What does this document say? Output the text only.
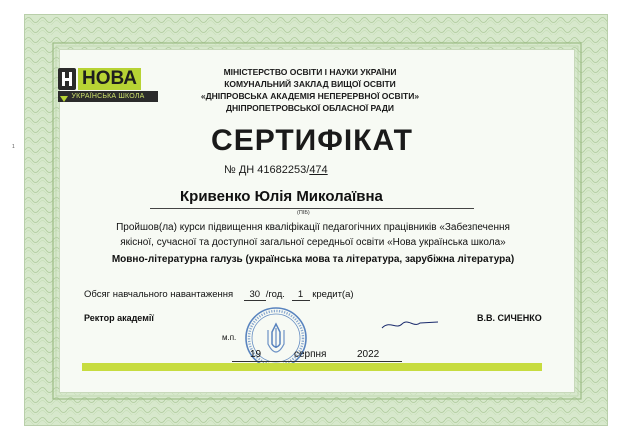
1
НОВА
УКРАЇНСЬКА ШКОЛА
МІНІСТЕРСТВО ОСВІТИ І НАУКИ УКРАЇНИ
КОМУНАЛЬНИЙ ЗАКЛАД ВИЩОЇ ОСВІТИ
«ДНІПРОВСЬКА АКАДЕМІЯ НЕПЕРЕРВНОЇ ОСВІТИ»
ДНІПРОПЕТРОВСЬКОЇ ОБЛАСНОЇ РАДИ
СЕРТИФІКАТ
№ ДН 41682253/474
Кривенко Юлія Миколаївна
(ПІБ)
Пройшов(ла) курси підвищення кваліфікації педагогічних працівників «Забезпечення
якісної, сучасної та доступної загальної середньої освіти «Нова українська школа»
Мовно-літературна галузь (українська мова та література, зарубіжна література)
Обсяг навчального навантаження 30 /год. 1 кредит(а)
Ректор академії	В.В. СИЧЕНКО
м.п.
19	серпня	2022
